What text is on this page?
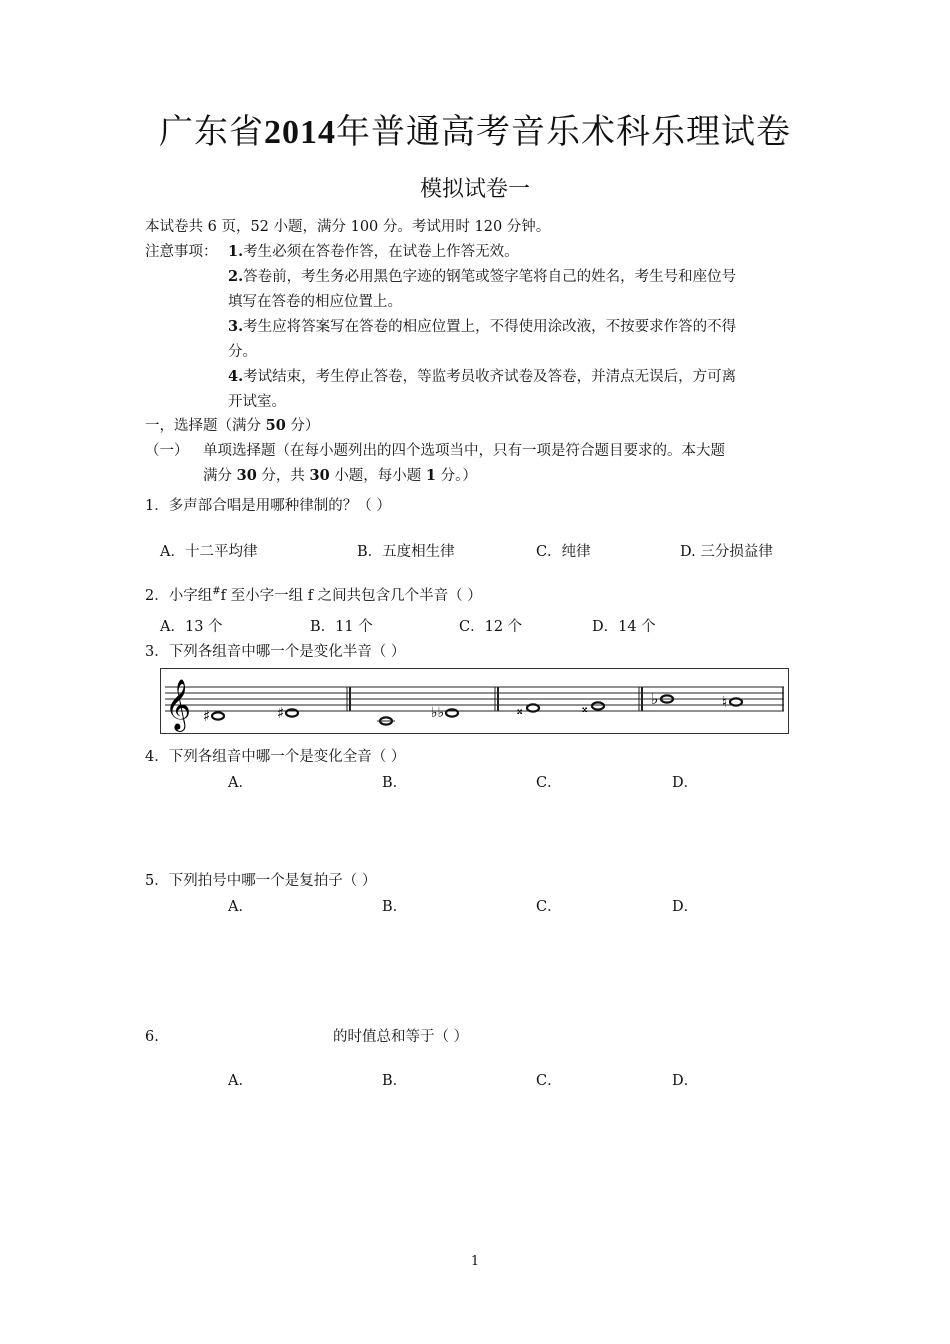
广东省2014年普通高考音乐术科乐理试卷
模拟试卷一
本试卷共 6 页，52 小题，满分 100 分。考试用时 120 分钟。
注意事项： 1.考生必须在答卷作答，在试卷上作答无效。
2.答卷前，考生务必用黑色字迹的钢笔或签字笔将自己的姓名，考生号和座位号
填写在答卷的相应位置上。
3.考生应将答案写在答卷的相应位置上，不得使用涂改液，不按要求作答的不得
分。
4.考试结束，考生停止答卷，等监考员收齐试卷及答卷，并清点无误后，方可离
开试室。
一，选择题（满分 50 分）
（一） 单项选择题（在每小题列出的四个选项当中，只有一项是符合题目要求的。本大题
满分 30 分，共 30 小题，每小题 1 分。）
1．多声部合唱是用哪种律制的？（ ）
A．十二平均律	B．五度相生律	C．纯律	D. 三分损益律
2．小字组#f 至小字一组 f 之间共包含几个半音（ ）
A．13 个	B．11 个	C．12 个	D．14 个
3．下列各组音中哪一个是变化半音（ ）
𝄞 ♯	♯	♭♭	𝄪	𝄪	♭	♮
4．下列各组音中哪一个是变化全音（ ）
A．	B．	C．	D．
5．下列拍号中哪一个是复拍子（ ）
A．	B．	C．	D．
6.	的时值总和等于（ ）
A．	B．	C．	D．
1
